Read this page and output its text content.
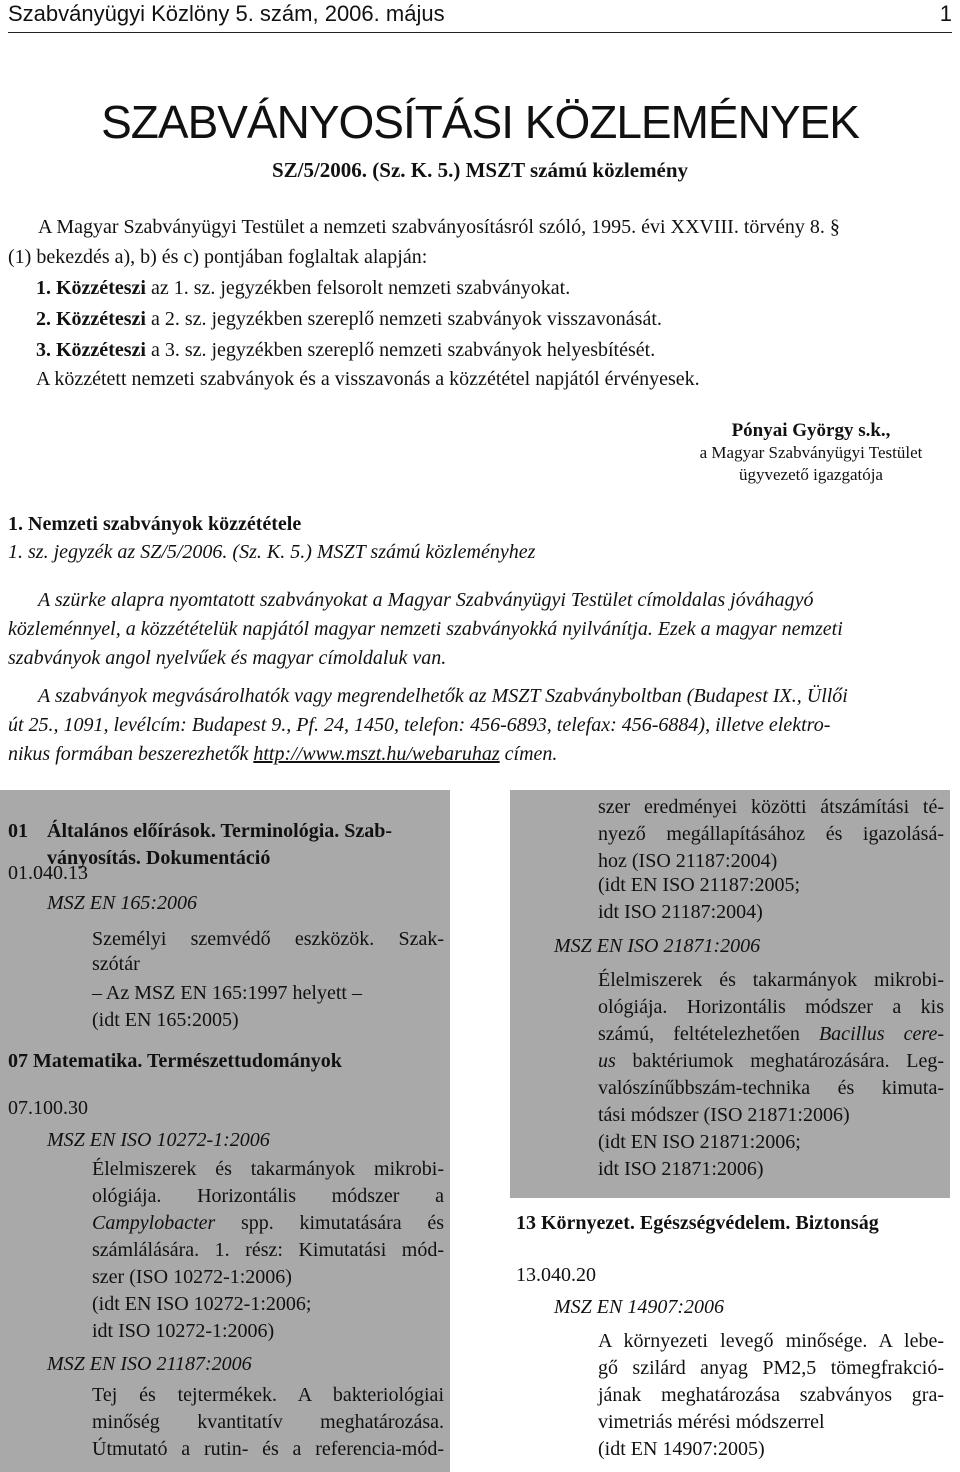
Szabványügyi Közlöny 5. szám, 2006. május	1
SZABVÁNYOSÍTÁSI KÖZLEMÉNYEK
SZ/5/2006. (Sz. K. 5.) MSZT számú közlemény

A Magyar Szabványügyi Testület a nemzeti szabványosításról szóló, 1995. évi XXVIII. törvény 8. §

(1) bekezdés a), b) és c) pontjában foglaltak alapján:
1. Közzéteszi az 1. sz. jegyzékben felsorolt nemzeti szabványokat.
2. Közzéteszi a 2. sz. jegyzékben szereplő nemzeti szabványok visszavonását.
3. Közzéteszi a 3. sz. jegyzékben szereplő nemzeti szabványok helyesbítését.
A közzétett nemzeti szabványok és a visszavonás a közzététel napjától érvényesek.
Pónyai György s.k.,
a Magyar Szabványügyi Testület
ügyvezető igazgatója
1. Nemzeti szabványok közzététele
1. sz. jegyzék az SZ/5/2006. (Sz. K. 5.) MSZT számú közleményhez
A szürke alapra nyomtatott szabványokat a Magyar Szabványügyi Testület címoldalas jóváhagyó
közleménnyel, a közzétételük napjától magyar nemzeti szabványokká nyilvánítja. Ezek a magyar nemzeti
szabványok angol nyelvűek és magyar címoldaluk van.
A szabványok megvásárolhatók vagy megrendelhetők az MSZT Szabványboltban (Budapest IX., Üllői
út 25., 1091, levélcím: Budapest 9., Pf. 24, 1450, telefon: 456-6893, telefax: 456-6884), illetve elektro-
nikus formában beszerezhetők http://www.mszt.hu/webaruhaz címen.
01 Általános előírások. Terminológia. Szab-
ványosítás. Dokumentáció
01.040.13
MSZ EN 165:2006
Személyi szemvédő eszközök. Szak-
szótár
– Az MSZ EN 165:1997 helyett –
(idt EN 165:2005)
07 Matematika. Természettudományok
07.100.30
MSZ EN ISO 10272-1:2006
Élelmiszerek és takarmányok mikrobi-
ológiája. Horizontális módszer a
Campylobacter spp. kimutatására és
számlálására. 1. rész: Kimutatási mód-
szer (ISO 10272-1:2006)
(idt EN ISO 10272-1:2006;
idt ISO 10272-1:2006)
MSZ EN ISO 21187:2006
Tej és tejtermékek. A bakteriológiai
minőség kvantitatív meghatározása.
Útmutató a rutin- és a referencia-mód-
szer eredményei közötti átszámítási té-
nyező megállapításához és igazolásá-
hoz (ISO 21187:2004)
(idt EN ISO 21187:2005;
idt ISO 21187:2004)
MSZ EN ISO 21871:2006
Élelmiszerek és takarmányok mikrobi-
ológiája. Horizontális módszer a kis
számú, feltételezhetően Bacillus cere-
us baktériumok meghatározására. Leg-
valószínűbbszám-technika és kimuta-
tási módszer (ISO 21871:2006)
(idt EN ISO 21871:2006;
idt ISO 21871:2006)
13 Környezet. Egészségvédelem. Biztonság
13.040.20
MSZ EN 14907:2006
A környezeti levegő minősége. A lebe-
gő szilárd anyag PM2,5 tömegfrakció-
jának meghatározása szabványos gra-
vimetriás mérési módszerrel
(idt EN 14907:2005)
